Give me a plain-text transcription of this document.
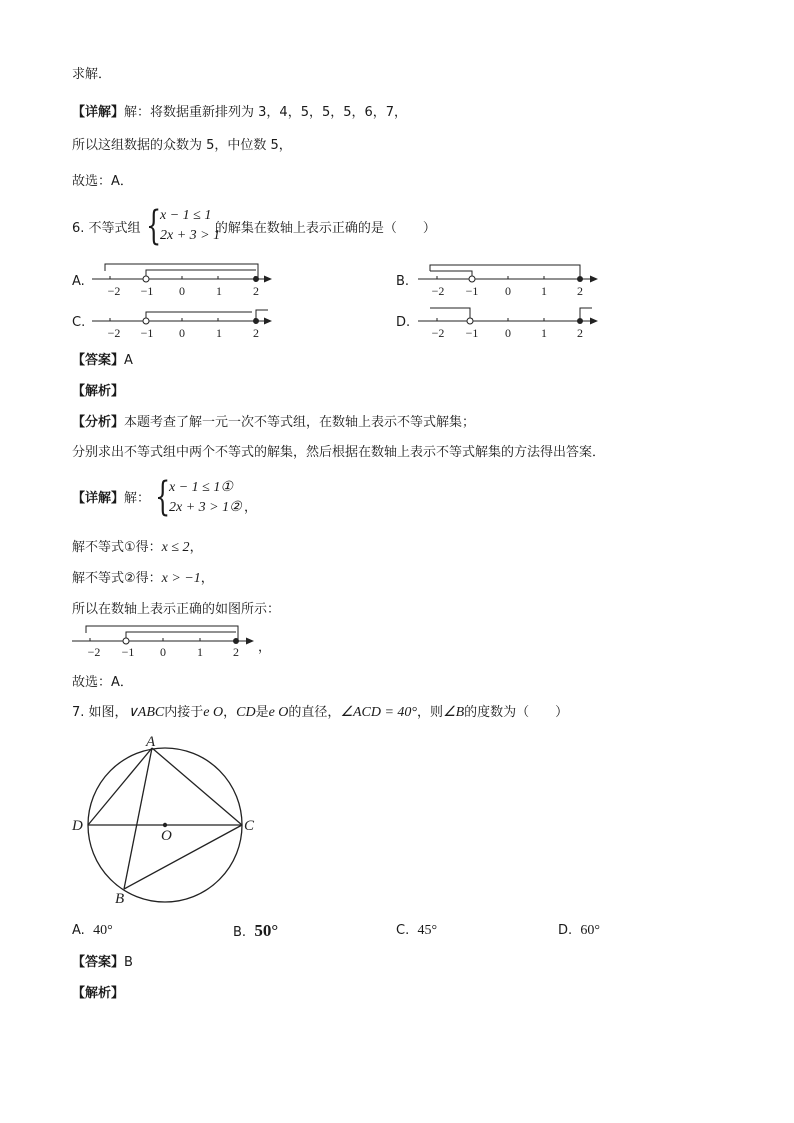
求解．
【详解】解：将数据重新排列为 3，4，5，5，5，6，7，
所以这组数据的众数为 5，中位数 5，
故选：A．
6. 不等式组	的解集在数轴上表示正确的是（　　）
{
x − 1 ≤ 1
2x + 3 > 1
A.	B.
C.	D.
−2 −1 0	1	2	−2 −1 0	1	2
−2 −1 0	1	2	−2 −1 0	1	2
−2 −1 0	1	2
A
D	C
O
B
【答案】A
【解析】
【分析】本题考查了解一元一次不等式组，在数轴上表示不等式解集；
分别求出不等式组中两个不等式的解集，然后根据在数轴上表示不等式解集的方法得出答案．
【详解】解： {
x − 1 ≤ 1①
2x + 3 > 1② ，
解不等式①得：x ≤ 2，
解不等式②得：x > −1，
所以在数轴上表示正确的如图所示：
，
故选：A．
7. 如图，∨ABC内接于e O，CD是e O的直径，∠ACD = 40°，则∠B的度数为（　　）
A. 40°	B. 50°	C. 45°	D. 60°
【答案】B
【解析】
